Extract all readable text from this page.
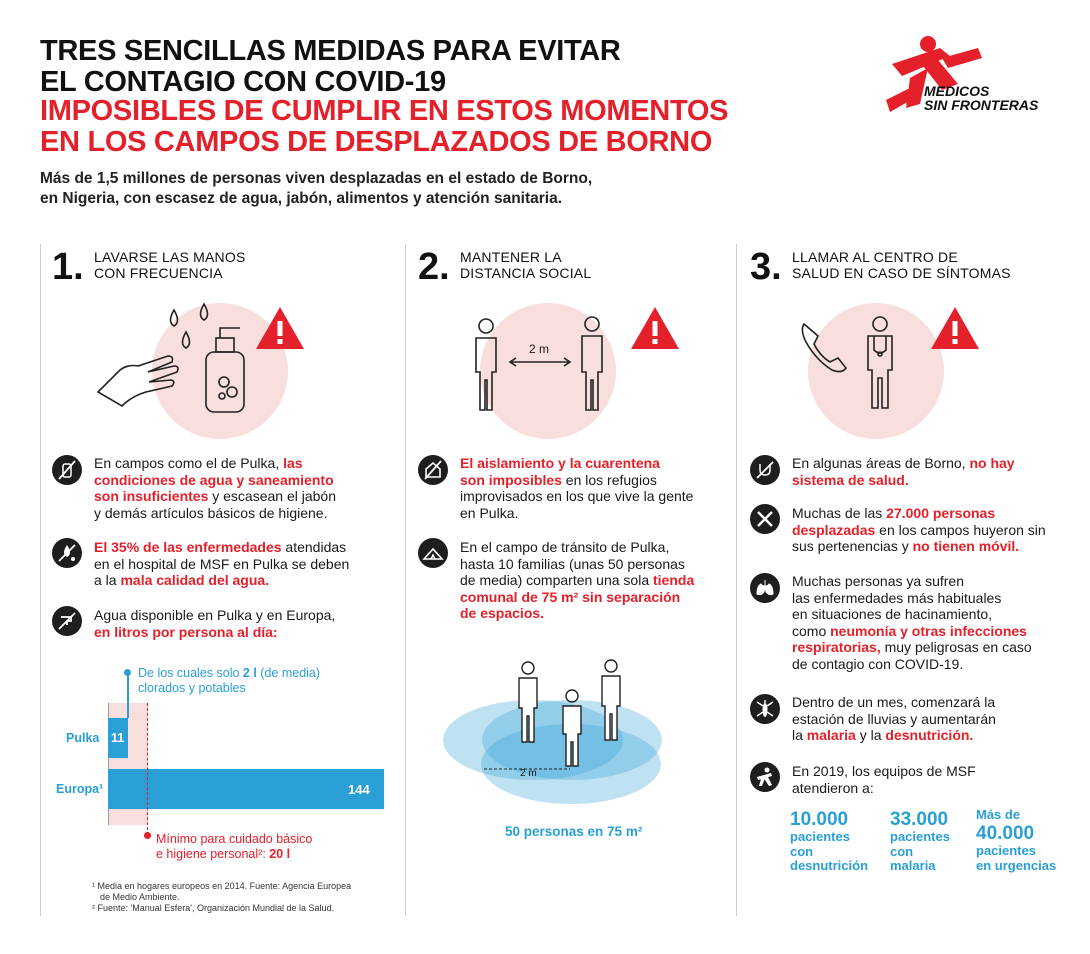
TRES SENCILLAS MEDIDAS PARA EVITAR
EL CONTAGIO CON COVID-19
IMPOSIBLES DE CUMPLIR EN ESTOS MOMENTOS
EN LOS CAMPOS DE DESPLAZADOS DE BORNO
Más de 1,5 millones de personas viven desplazadas en el estado de Borno,
en Nigeria, con escasez de agua, jabón, alimentos y atención sanitaria.
MEDICOS
SIN FRONTERAS
1. LAVARSE LAS MANOS
CON FRECUENCIA
En campos como el de Pulka, las
condiciones de agua y saneamiento
son insuficientes y escasean el jabón
y demás artículos básicos de higiene.
El 35% de las enfermedades atendidas
en el hospital de MSF en Pulka se deben
a la mala calidad del agua.
Agua disponible en Pulka y en Europa,
en litros por persona al día:
De los cuales solo 2 l (de media)
clorados y potables
Pulka 11
Europa¹	144
Mínimo para cuidado básico
e higiene personal²: 20 l
¹ Media en hogares europeos en 2014. Fuente: Agencia Europea
de Medio Ambiente.
² Fuente: 'Manual Esfera', Organización Mundial de la Salud.
2. MANTENER LA
DISTANCIA SOCIAL
2 m
El aislamiento y la cuarentena
son imposibles en los refugios
improvisados en los que vive la gente
en Pulka.
En el campo de tránsito de Pulka,
hasta 10 familias (unas 50 personas
de media) comparten una sola tienda
comunal de 75 m² sin separación
de espacios.
2 m
50 personas en 75 m²
3. LLAMAR AL CENTRO DE
SALUD EN CASO DE SÍNTOMAS
En algunas áreas de Borno, no hay
sistema de salud.
Muchas de las 27.000 personas
desplazadas en los campos huyeron sin
sus pertenencias y no tienen móvil.
Muchas personas ya sufren
las enfermedades más habituales
en situaciones de hacinamiento,
como neumonía y otras infecciones
respiratorias, muy peligrosas en caso
de contagio con COVID-19.
Dentro de un mes, comenzará la
estación de lluvias y aumentarán
la malaria y la desnutrición.
En 2019, los equipos de MSF
atendieron a:
10.000
pacientes
con
desnutrición
33.000
pacientes
con
malaria
Más de
40.000
pacientes
en urgencias
